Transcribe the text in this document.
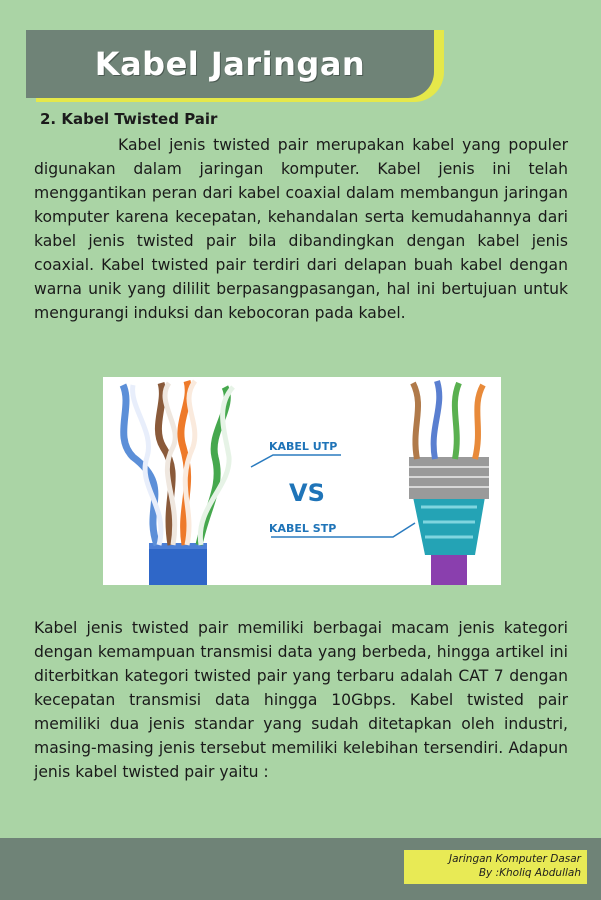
Kabel Jaringan
2. Kabel Twisted Pair

Kabel jenis twisted pair merupakan kabel yang populer digunakan dalam jaringan komputer. Kabel jenis ini telah menggantikan peran dari kabel coaxial dalam membangun jaringan komputer karena kecepatan, kehandalan serta kemudahannya dari kabel jenis twisted pair bila dibandingkan dengan kabel jenis coaxial. Kabel twisted pair terdiri dari delapan buah kabel dengan warna unik yang dililit berpasangpasangan, hal ini bertujuan untuk mengurangi induksi dan kebocoran pada kabel.

KABEL UTP
VS
KABEL STP

Kabel jenis twisted pair memiliki berbagai macam jenis kategori dengan kemampuan transmisi data yang berbeda, hingga artikel ini diterbitkan kategori twisted pair yang terbaru adalah CAT 7 dengan kecepatan transmisi data hingga 10Gbps. Kabel twisted pair memiliki dua jenis standar yang sudah ditetapkan oleh industri, masing-masing jenis tersebut memiliki kelebihan tersendiri. Adapun jenis kabel twisted pair yaitu :

Jaringan Komputer Dasar
By :Kholiq Abdullah
